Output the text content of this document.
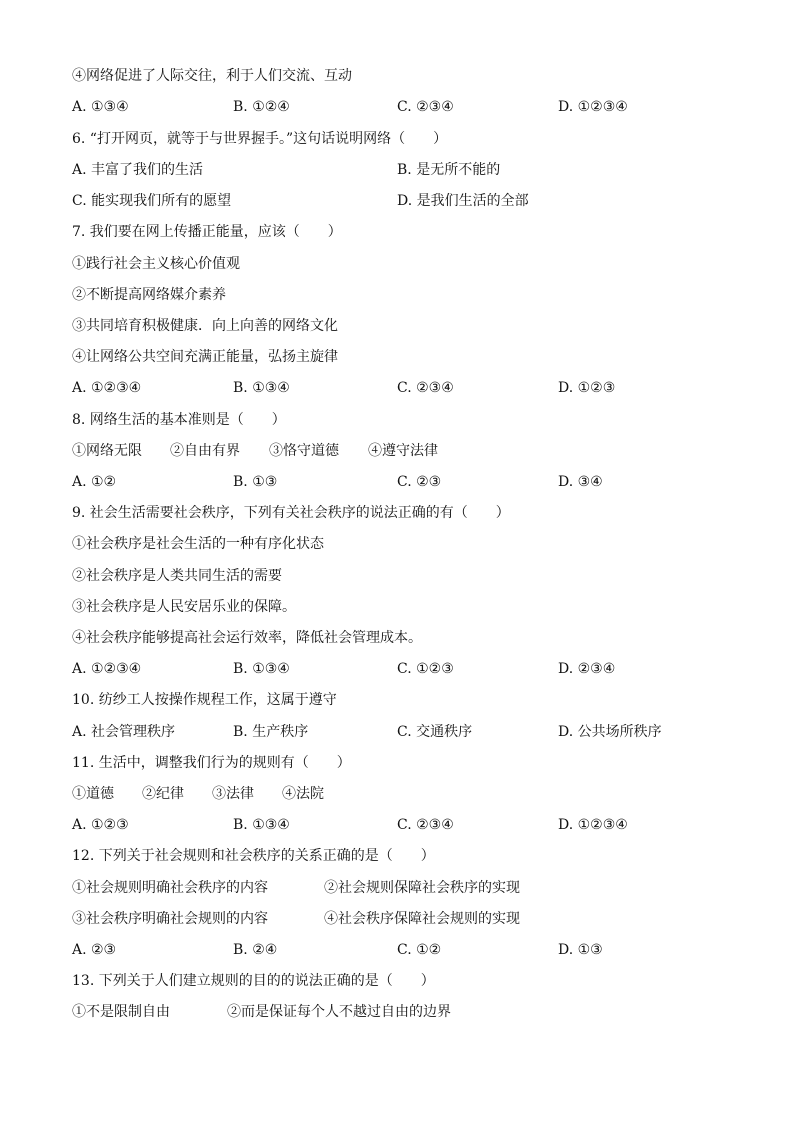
④网络促进了人际交往，利于人们交流、互动
A. ①③④	B. ①②④	C. ②③④	D. ①②③④
6. “打开网页，就等于与世界握手。”这句话说明网络（　　）
A. 丰富了我们的生活	B. 是无所不能的
C. 能实现我们所有的愿望	D. 是我们生活的全部
7. 我们要在网上传播正能量，应该（　　）
①践行社会主义核心价值观
②不断提高网络媒介素养
③共同培育积极健康．向上向善的网络文化
④让网络公共空间充满正能量，弘扬主旋律
A. ①②③④	B. ①③④	C. ②③④	D. ①②③
8. 网络生活的基本准则是（　　）
①网络无限 ②自由有界 ③恪守道德 ④遵守法律
A. ①②	B. ①③	C. ②③	D. ③④
9. 社会生活需要社会秩序，下列有关社会秩序的说法正确的有（　　）
①社会秩序是社会生活的一种有序化状态
②社会秩序是人类共同生活的需要
③社会秩序是人民安居乐业的保障。
④社会秩序能够提高社会运行效率，降低社会管理成本。
A. ①②③④	B. ①③④	C. ①②③	D. ②③④
10. 纺纱工人按操作规程工作，这属于遵守
A. 社会管理秩序	B. 生产秩序	C. 交通秩序	D. 公共场所秩序
11. 生活中，调整我们行为的规则有（　　）
①道德 ②纪律 ③法律 ④法院
A. ①②③	B. ①③④	C. ②③④	D. ①②③④
12. 下列关于社会规则和社会秩序的关系正确的是（　　）
①社会规则明确社会秩序的内容	②社会规则保障社会秩序的实现
③社会秩序明确社会规则的内容	④社会秩序保障社会规则的实现
A. ②③	B. ②④	C. ①②	D. ①③
13. 下列关于人们建立规则的目的的说法正确的是（　　）
①不是限制自由	②而是保证每个人不越过自由的边界
